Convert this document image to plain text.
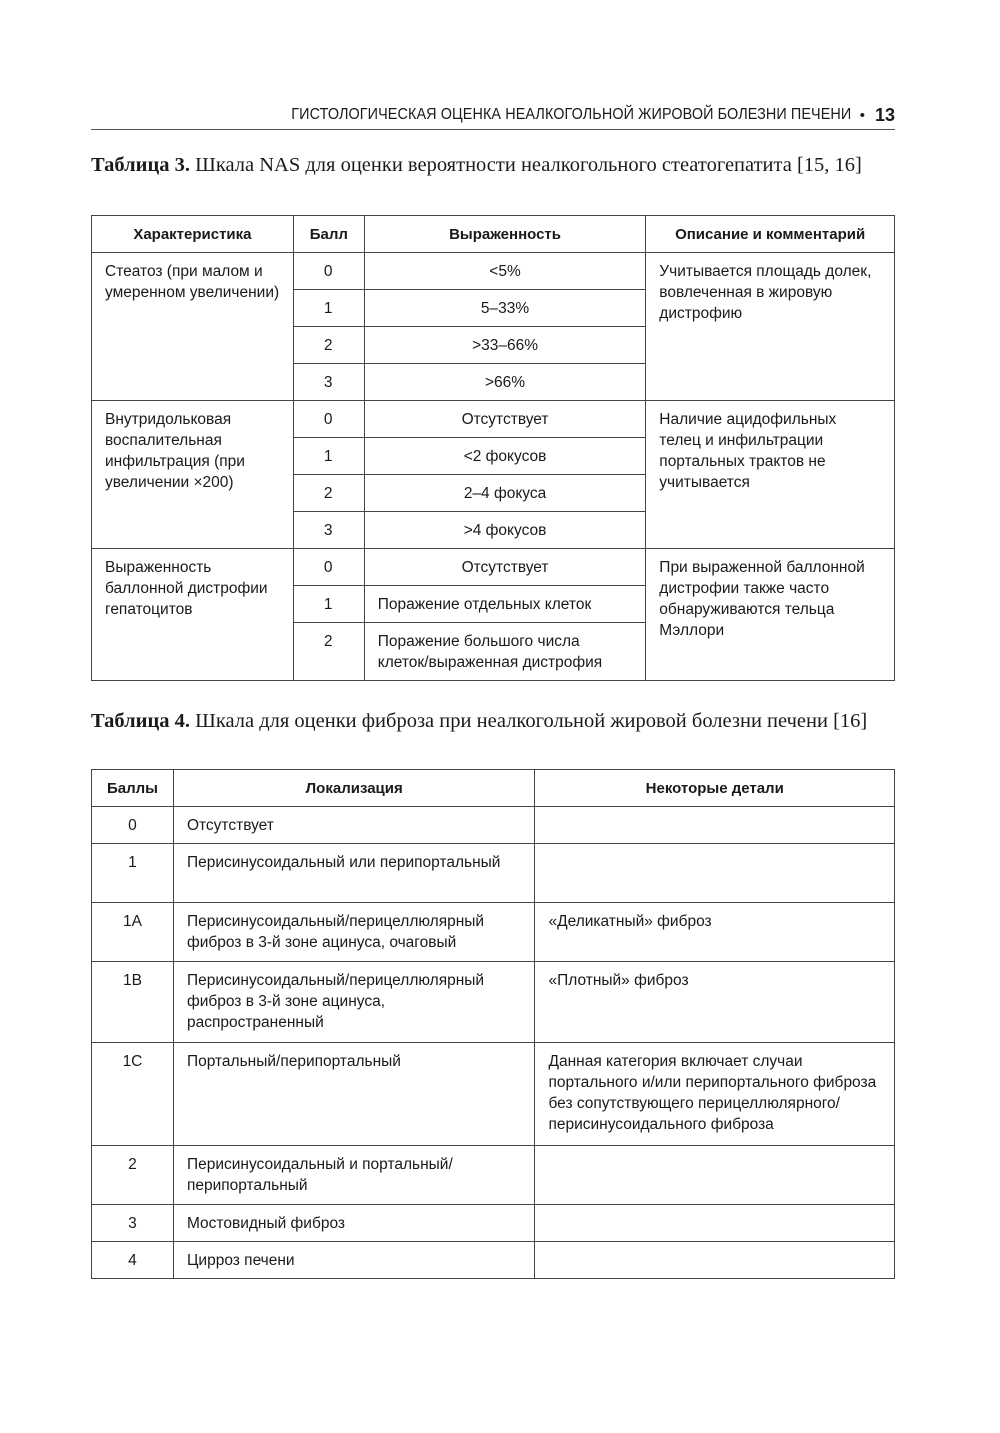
ГИСТОЛОГИЧЕСКАЯ ОЦЕНКА НЕАЛКОГОЛЬНОЙ ЖИРОВОЙ БОЛЕЗНИ ПЕЧЕНИ • 13
Таблица 3. Шкала NAS для оценки вероятности неалкогольного стеатогепатита [15, 16]
Характеристика	Балл	Выраженность	Описание и комментарий
Стеатоз (при малом и умеренном увеличении)	0	<5%	Учитывается площадь долек, вовлеченная в жировую дистрофию
	1	5–33%	
	2	>33–66%	
	3	>66%	
Внутридольковая воспалительная инфильтрация (при увеличении ×200)	0	Отсутствует	Наличие ацидофильных телец и инфильтрации портальных трактов не учитывается
	1	<2 фокусов	
	2	2–4 фокуса	
	3	>4 фокусов	
Выраженность баллонной дистрофии гепатоцитов	0	Отсутствует	При выраженной баллонной дистрофии также часто обнаруживаются тельца Мэллори
	1	Поражение отдельных клеток	
	2	Поражение большого числа клеток/выраженная дистрофия	
Таблица 4. Шкала для оценки фиброза при неалкогольной жировой болезни печени [16]
Баллы	Локализация	Некоторые детали
0	Отсутствует	
1	Перисинусоидальный или перипортальный	
1A	Перисинусоидальный/перицеллюлярный фиброз в 3-й зоне ацинуса, очаговый	«Деликатный» фиброз
1B	Перисинусоидальный/перицеллюлярный фиброз в 3-й зоне ацинуса, распространенный	«Плотный» фиброз
1C	Портальный/перипортальный	Данная категория включает случаи портального и/или перипортального фиброза без сопутствующего перицеллюлярного/перисинусоидального фиброза
2	Перисинусоидальный и портальный/ перипортальный	
3	Мостовидный фиброз	
4	Цирроз печени	
